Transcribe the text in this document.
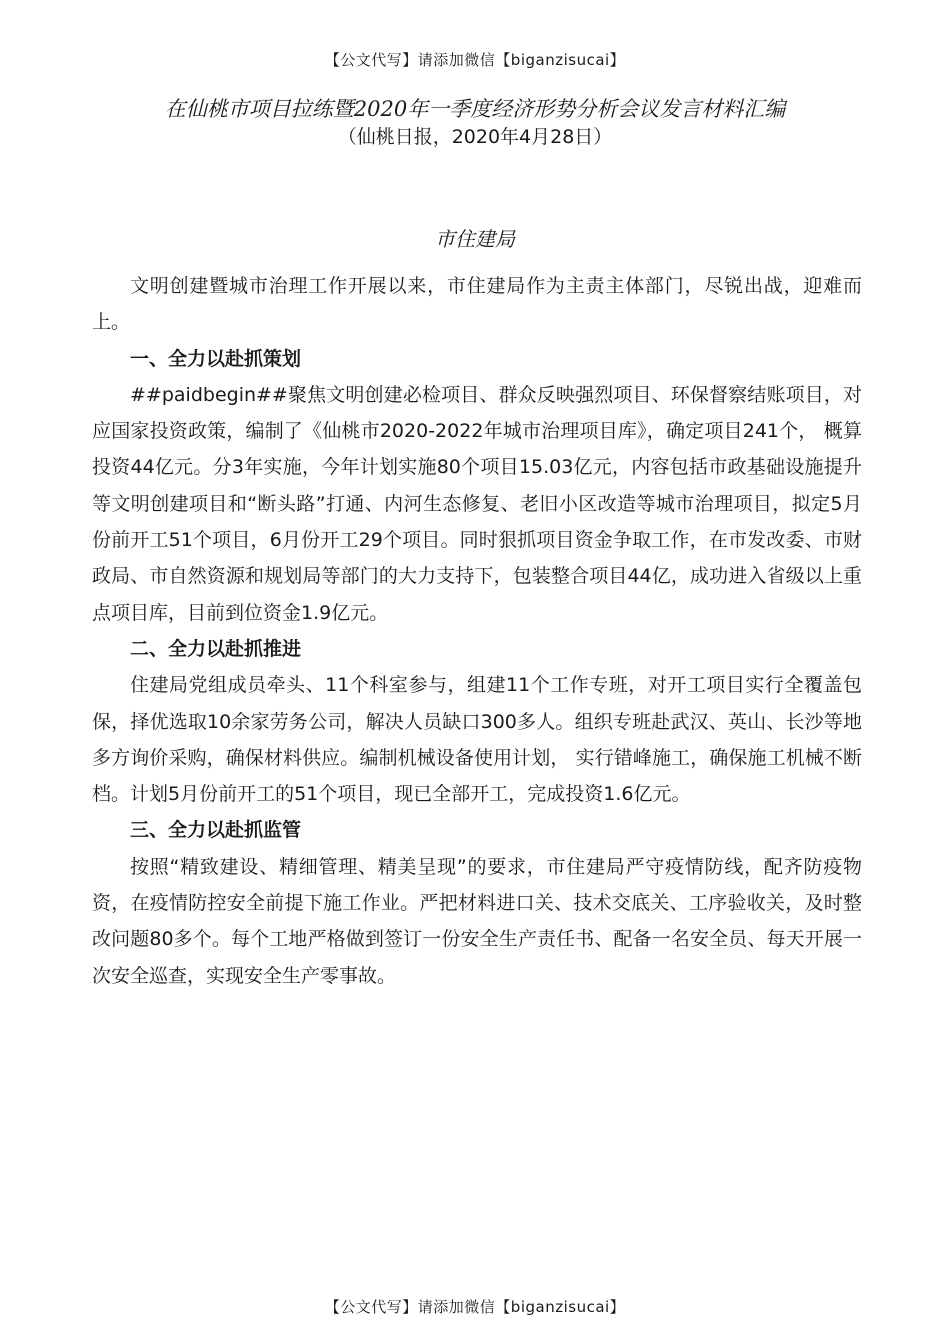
【公文代写】请添加微信【biganzisucai】
在仙桃市项目拉练暨2020年一季度经济形势分析会议发言材料汇编
（仙桃日报，2020年4月28日）
市住建局

文明创建暨城市治理工作开展以来，市住建局作为主责主体部门，尽锐出战，迎难而上。

一、全力以赴抓策划

##paidbegin##聚焦文明创建必检项目、群众反映强烈项目、环保督察结账项目，对应国家投资政策，编制了《仙桃市2020-2022年城市治理项目库》，确定项目241个， 概算投资44亿元。分3年实施，今年计划实施80个项目15.03亿元，内容包括市政基础设施提升等文明创建项目和“断头路”打通、内河生态修复、老旧小区改造等城市治理项目，拟定5月份前开工51个项目，6月份开工29个项目。同时狠抓项目资金争取工作，在市发改委、市财政局、市自然资源和规划局等部门的大力支持下，包装整合项目44亿，成功进入省级以上重点项目库，目前到位资金1.9亿元。

二、全力以赴抓推进

住建局党组成员牵头、11个科室参与，组建11个工作专班，对开工项目实行全覆盖包保，择优选取10余家劳务公司，解决人员缺口300多人。组织专班赴武汉、英山、长沙等地多方询价采购，确保材料供应。编制机械设备使用计划， 实行错峰施工，确保施工机械不断档。计划5月份前开工的51个项目，现已全部开工，完成投资1.6亿元。

三、全力以赴抓监管

按照“精致建设、精细管理、精美呈现”的要求，市住建局严守疫情防线，配齐防疫物资，在疫情防控安全前提下施工作业。严把材料进口关、技术交底关、工序验收关，及时整改问题80多个。每个工地严格做到签订一份安全生产责任书、配备一名安全员、每天开展一次安全巡查，实现安全生产零事故。

【公文代写】请添加微信【biganzisucai】
